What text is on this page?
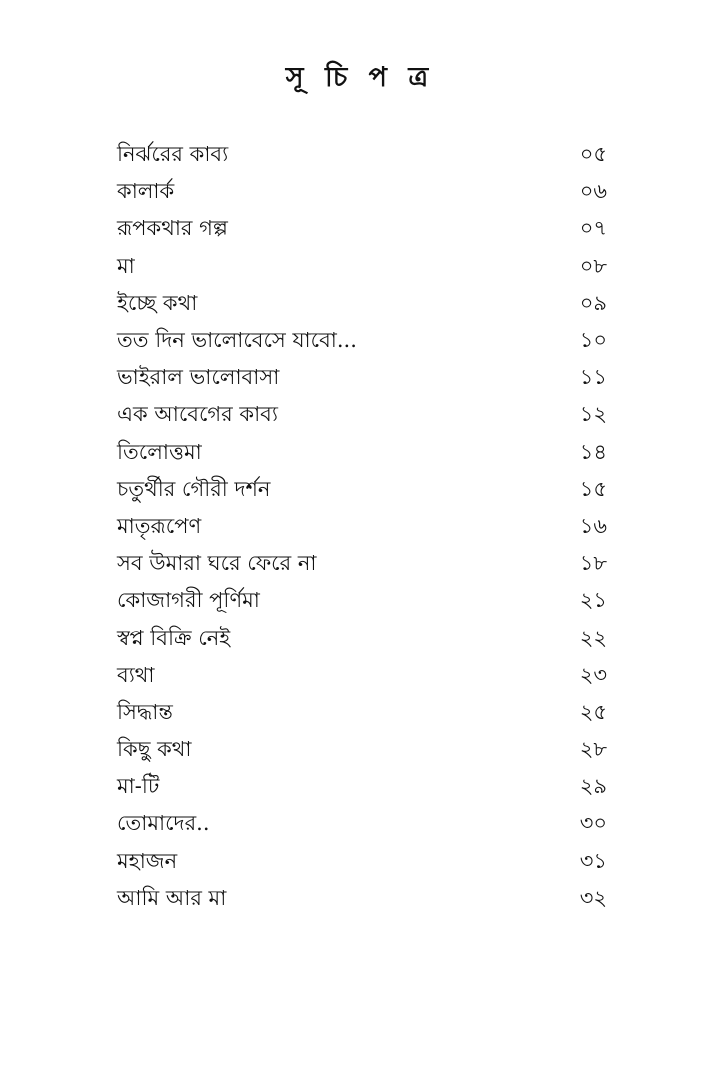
সূ চি প ত্র
নির্ঝরের কাব্য	০৫
কালার্ক	০৬
রূপকথার গল্প	০৭
মা	০৮
ইচ্ছে কথা	০৯
তত দিন ভালোবেসে যাবো...	১০
ভাইরাল ভালোবাসা	১১
এক আবেগের কাব্য	১২
তিলোত্তমা	১৪
চতুর্থীর গৌরী দর্শন	১৫
মাতৃরূপেণ	১৬
সব উমারা ঘরে ফেরে না	১৮
কোজাগরী পূর্ণিমা	২১
স্বপ্ন বিক্রি নেই	২২
ব্যথা	২৩
সিদ্ধান্ত	২৫
কিছু কথা	২৮
মা-টি	২৯
তোমাদের..	৩০
মহাজন	৩১
আমি আর মা	৩২
